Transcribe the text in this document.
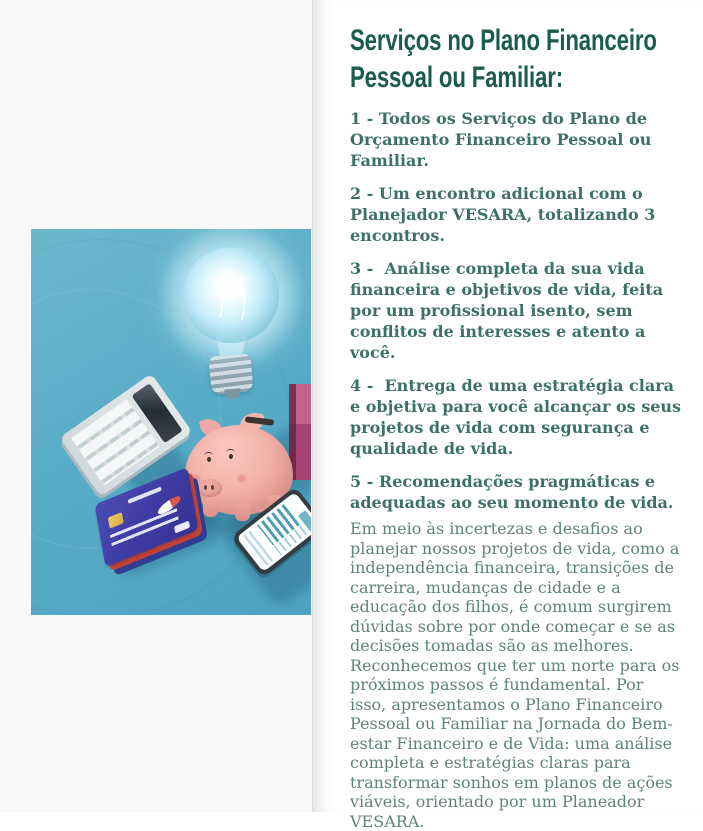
Serviços no Plano Financeiro
Pessoal ou Familiar:

1 - Todos os Serviços do Plano de Orçamento Financeiro Pessoal ou Familiar.

2 - Um encontro adicional com o Planejador VESARA, totalizando 3 encontros.

3 -  Análise completa da sua vida financeira e objetivos de vida, feita por um profissional isento, sem conflitos de interesses e atento a você.

4 -  Entrega de uma estratégia clara e objetiva para você alcançar os seus projetos de vida com segurança e qualidade de vida.

5 - Recomendações pragmáticas e adequadas ao seu momento de vida.

Em meio às incertezas e desafios ao planejar nossos projetos de vida, como a independência financeira, transições de carreira, mudanças de cidade e a educação dos filhos, é comum surgirem dúvidas sobre por onde começar e se as decisões tomadas são as melhores. Reconhecemos que ter um norte para os próximos passos é fundamental. Por isso, apresentamos o Plano Financeiro Pessoal ou Familiar na Jornada do Bem-estar Financeiro e de Vida: uma análise completa e estratégias claras para transformar sonhos em planos de ações viáveis, orientado por um Planeador VESARA.
